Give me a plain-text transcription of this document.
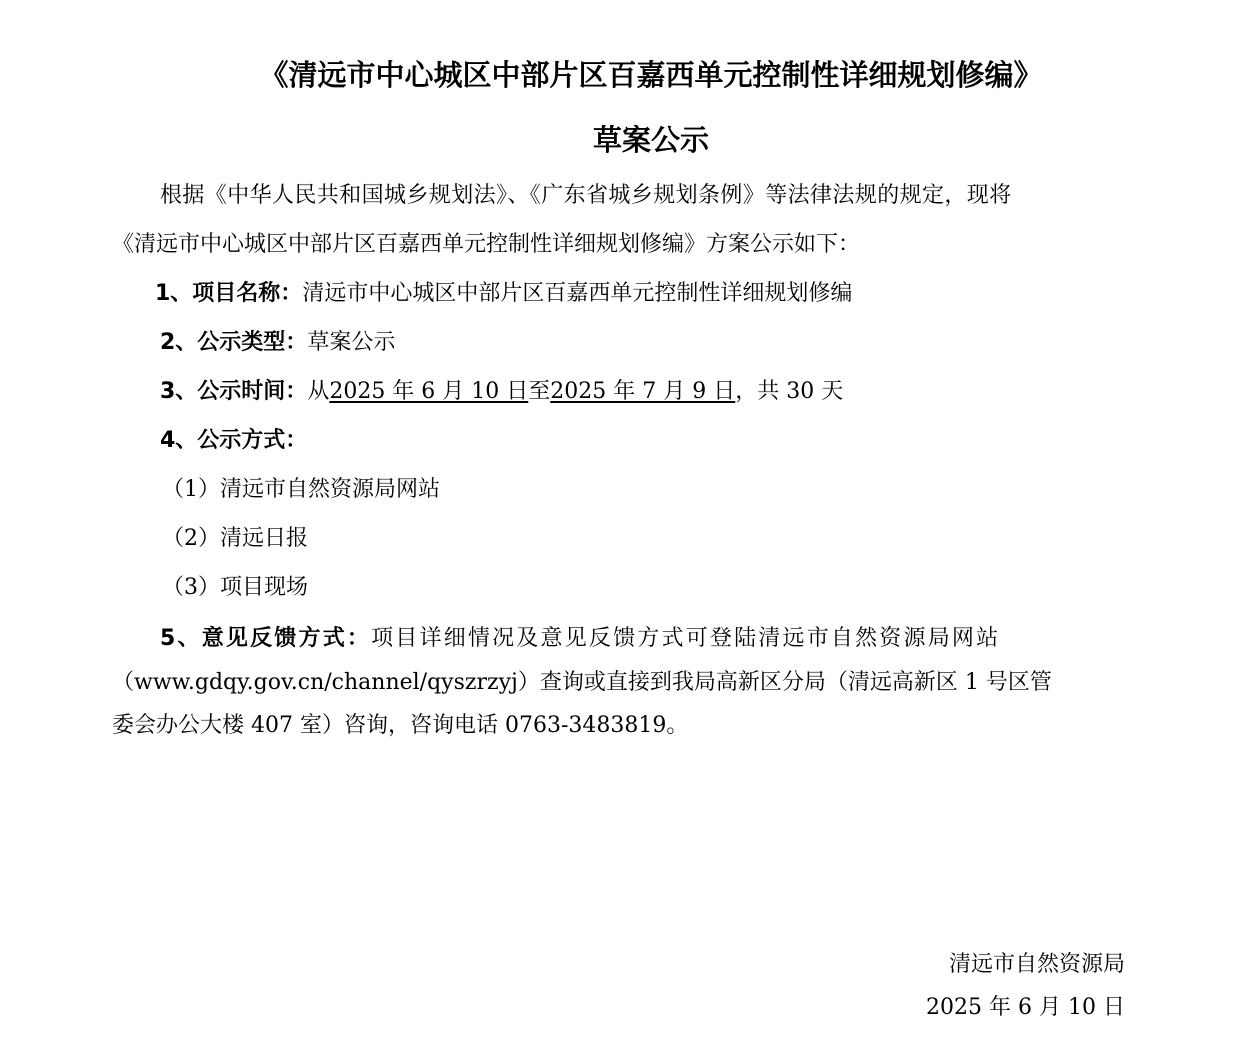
《清远市中心城区中部片区百嘉西单元控制性详细规划修编》
草案公示
根据《中华人民共和国城乡规划法》、《广东省城乡规划条例》等法律法规的规定，现将
《清远市中心城区中部片区百嘉西单元控制性详细规划修编》方案公示如下：
1、项目名称：清远市中心城区中部片区百嘉西单元控制性详细规划修编
2、公示类型：草案公示
3、公示时间：从2025 年 6 月 10 日至2025 年 7 月 9 日，共 30 天
4、公示方式：
（1）清远市自然资源局网站
（2）清远日报
（3）项目现场
5、意见反馈方式：项目详细情况及意见反馈方式可登陆清远市自然资源局网站
（www.gdqy.gov.cn/channel/qyszrzyj）查询或直接到我局高新区分局（清远高新区 1 号区管
委会办公大楼 407 室）咨询，咨询电话 0763-3483819。
清远市自然资源局
2025 年 6 月 10 日
